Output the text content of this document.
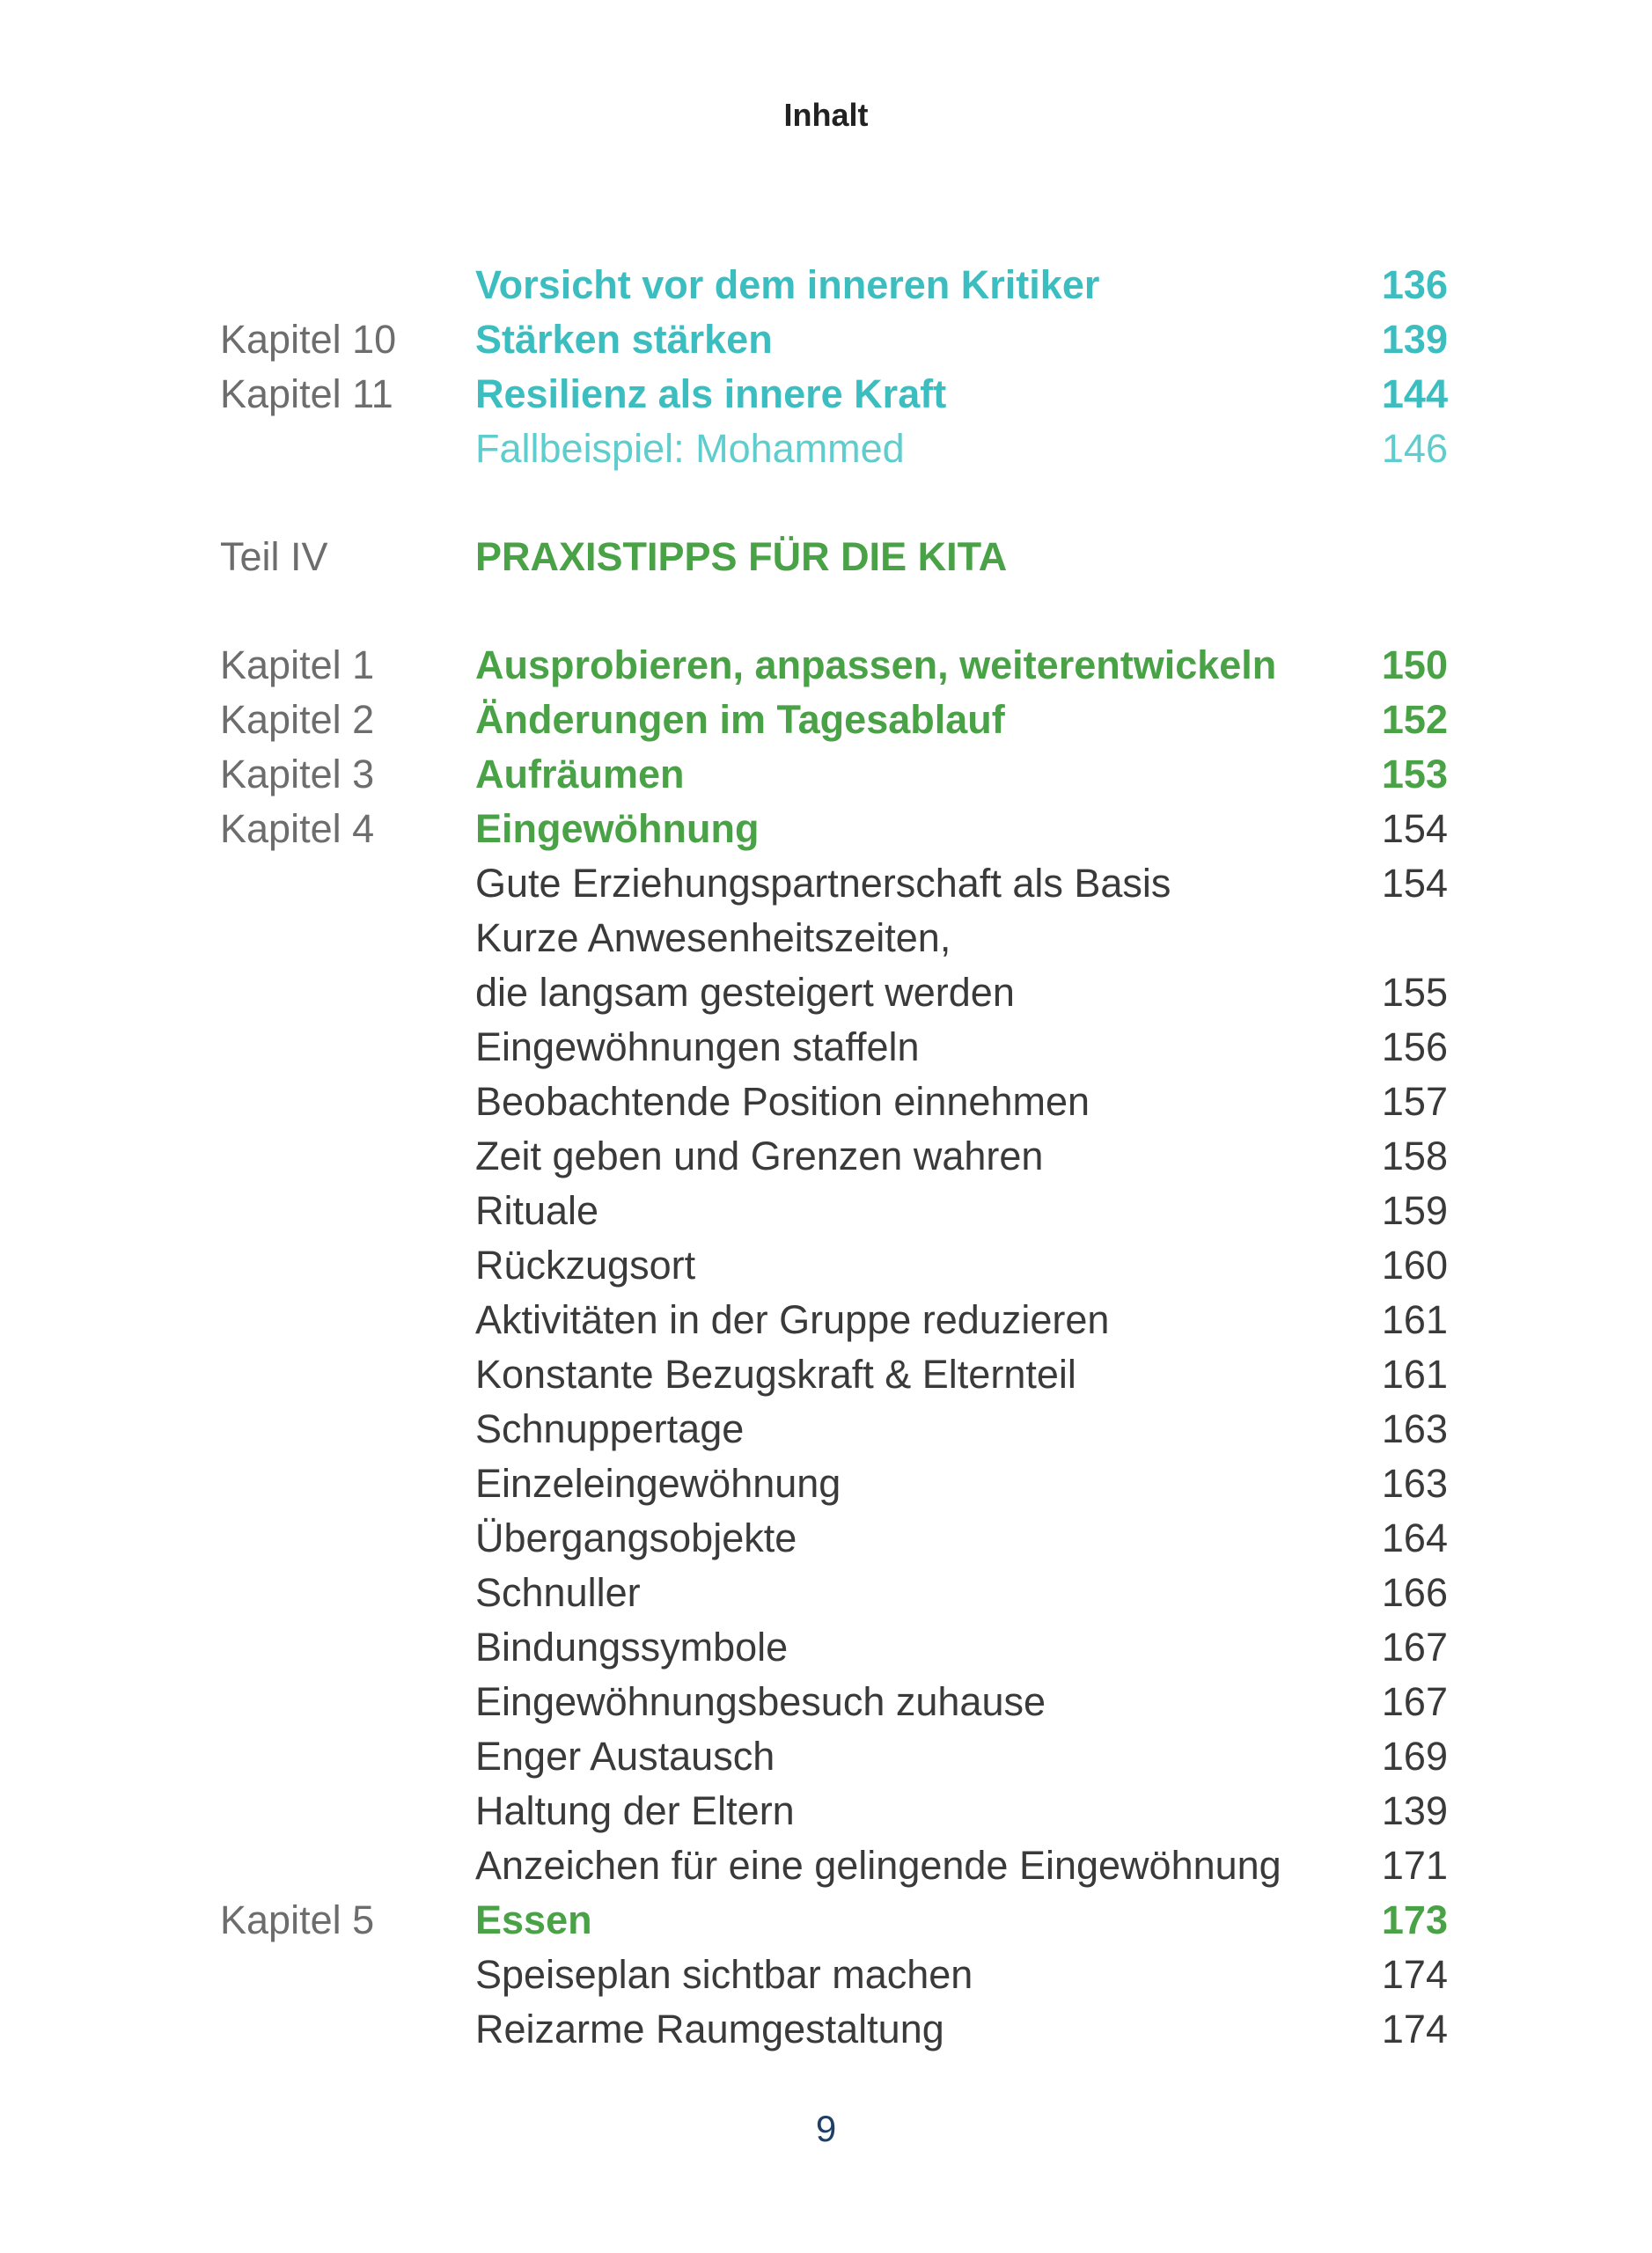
Inhalt
Vorsicht vor dem inneren Kritiker	136
Kapitel 10 Stärken stärken	139
Kapitel 11 Resilienz als innere Kraft	144
Fallbeispiel: Mohammed	146
Teil IV	PRAXISTIPPS FÜR DIE KITA
Kapitel 1	Ausprobieren, anpassen, weiterentwickeln	150
Kapitel 2	Änderungen im Tagesablauf	152
Kapitel 3	Aufräumen	153
Kapitel 4	Eingewöhnung	154
Gute Erziehungspartnerschaft als Basis	154
Kurze Anwesenheitszeiten,
die langsam gesteigert werden	155
Eingewöhnungen staffeln	156
Beobachtende Position einnehmen	157
Zeit geben und Grenzen wahren	158
Rituale	159
Rückzugsort	160
Aktivitäten in der Gruppe reduzieren	161
Konstante Bezugskraft & Elternteil	161
Schnuppertage	163
Einzeleingewöhnung	163
Übergangsobjekte	164
Schnuller	166
Bindungssymbole	167
Eingewöhnungsbesuch zuhause	167
Enger Austausch	169
Haltung der Eltern	139
Anzeichen für eine gelingende Eingewöhnung	171
Kapitel 5	Essen	173
Speiseplan sichtbar machen	174
Reizarme Raumgestaltung	174
9
